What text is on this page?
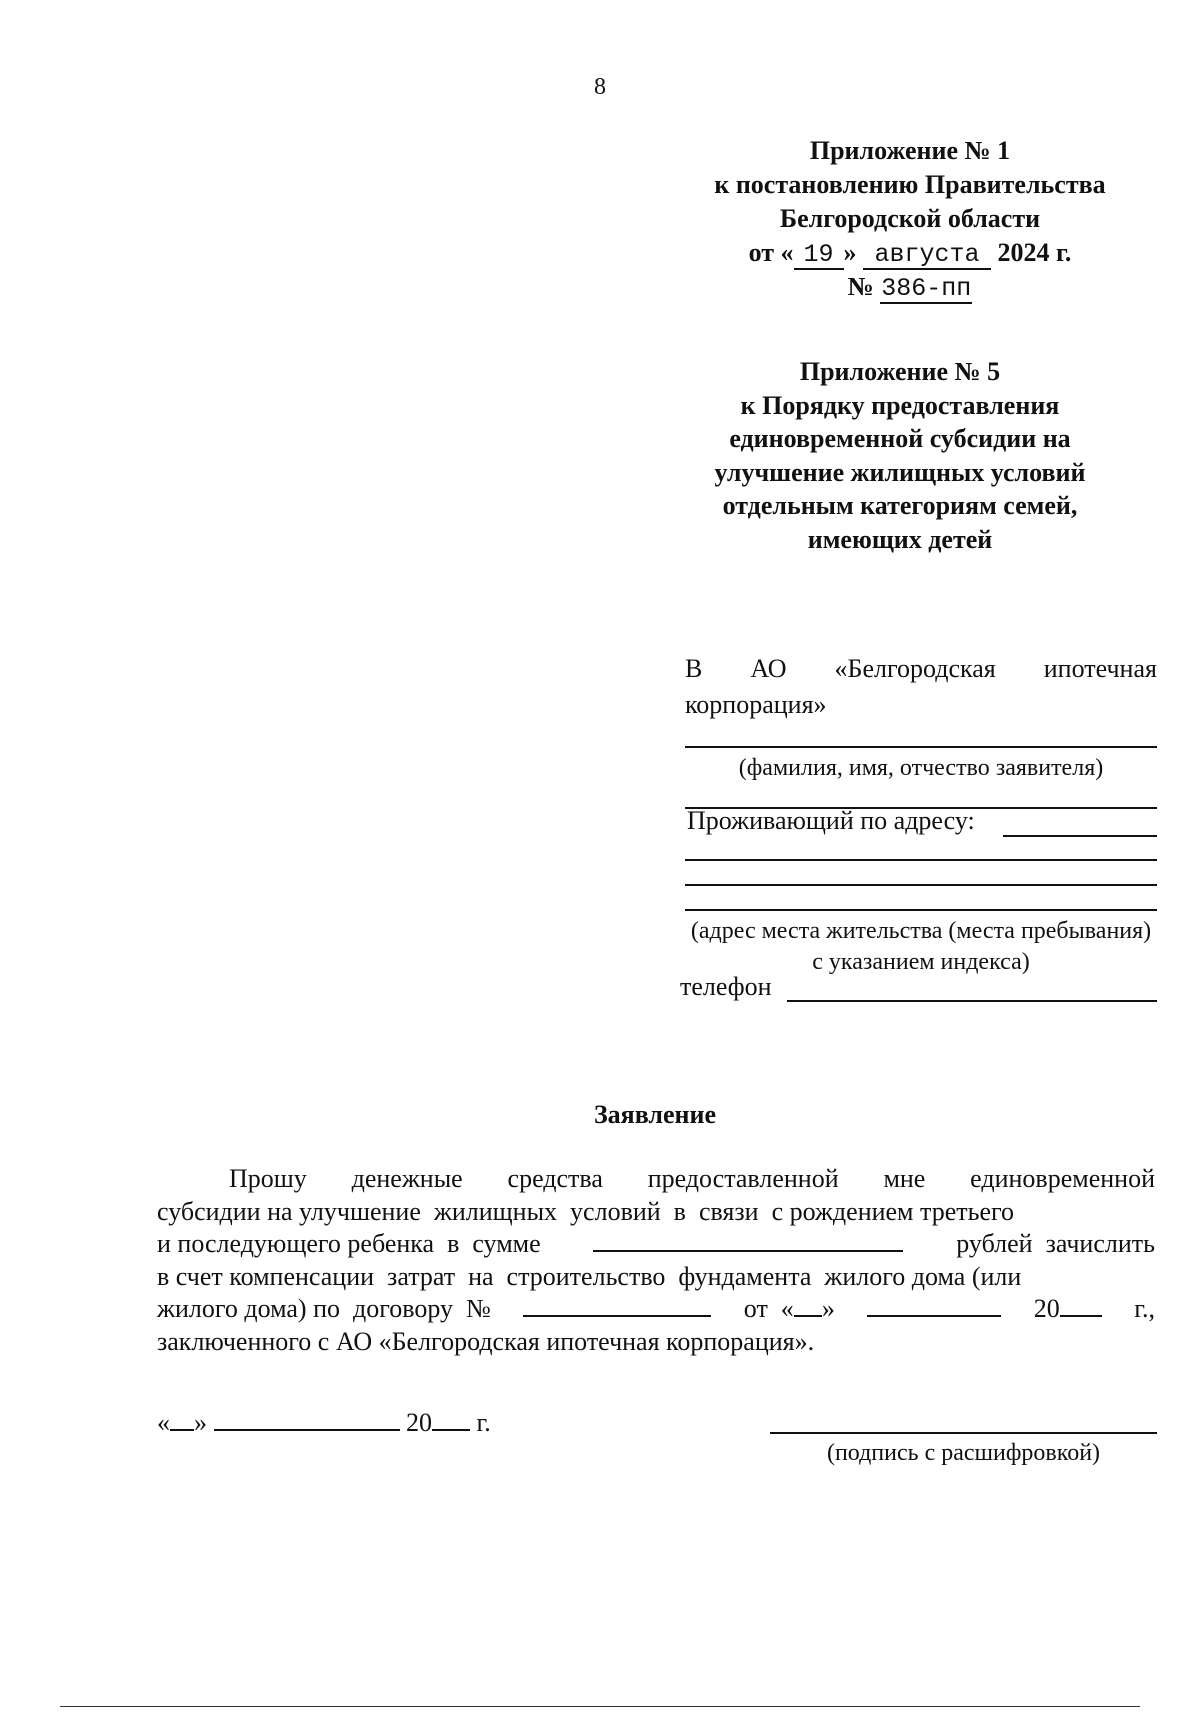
8
Приложение № 1
к постановлению Правительства
Белгородской области
от « 19 » августа 2024 г.
№ 386-пп
Приложение № 5
к Порядку предоставления
единовременной субсидии на
улучшение жилищных условий
отдельным категориям семей,
имеющих детей
В АО «Белгородская ипотечная
корпорация»
(фамилия, имя, отчество заявителя)
Проживающий по адресу:
(адрес места жительства (места пребывания)
с указанием индекса)
телефон
Заявление
Прошу денежные средства предоставленной мне единовременной
субсидии на улучшение  жилищных  условий  в  связи  с рождением третьего
и последующего ребенка  в  сумме	рублей  зачислить
в счет компенсации  затрат  на  строительство  фундамента  жилого дома (или
жилого дома) по  договору  №	от  « »	20	г.,
заключенного с АО «Белгородская ипотечная корпорация».
« »	20 г.
(подпись с расшифровкой)
